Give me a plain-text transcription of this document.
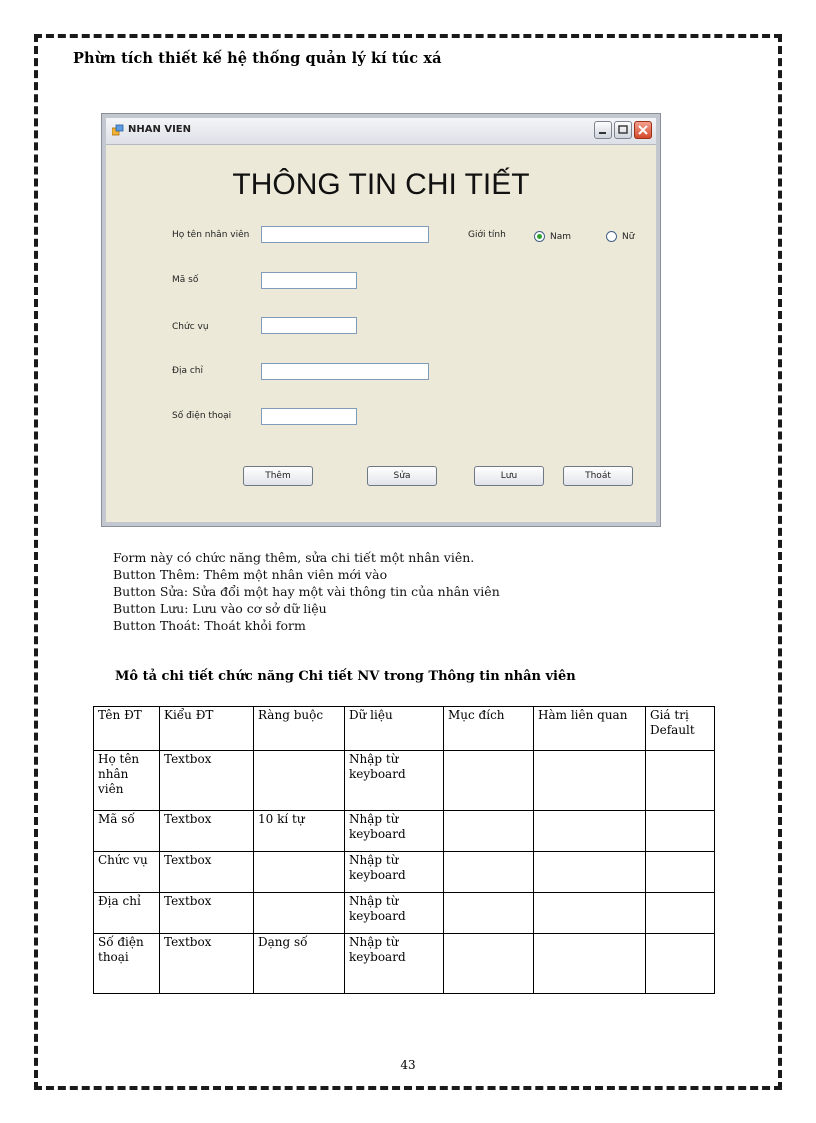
Phừn tích thiết kế hệ thống quản lý kí túc xá
NHAN VIEN
THÔNG TIN CHI TIẾT
Họ tên nhân viên	Giới tính	Nam	Nữ
Mã số
Chức vụ
Địa chỉ
Số điện thoại
Thêm	Sửa	Lưu	Thoát
Form này có chức năng thêm, sửa chi tiết một nhân viên.
Button Thêm: Thêm một nhân viên mới vào
Button Sửa: Sửa đổi một hay một vài thông tin của nhân viên
Button Lưu: Lưu vào cơ sở dữ liệu
Button Thoát: Thoát khỏi form
Mô tả chi tiết chức năng Chi tiết NV trong Thông tin nhân viên
Tên ĐT	Kiểu ĐT	Ràng buộc	Dữ liệu	Mục đích	Hàm liên quan	Giá trị Default
Họ tên nhân viên	Textbox		Nhập từ keyboard			
Mã số	Textbox	10 kí tự	Nhập từ keyboard			
Chức vụ	Textbox		Nhập từ keyboard			
Địa chỉ	Textbox		Nhập từ keyboard			
Số điện thoại	Textbox	Dạng số	Nhập từ keyboard			
43
